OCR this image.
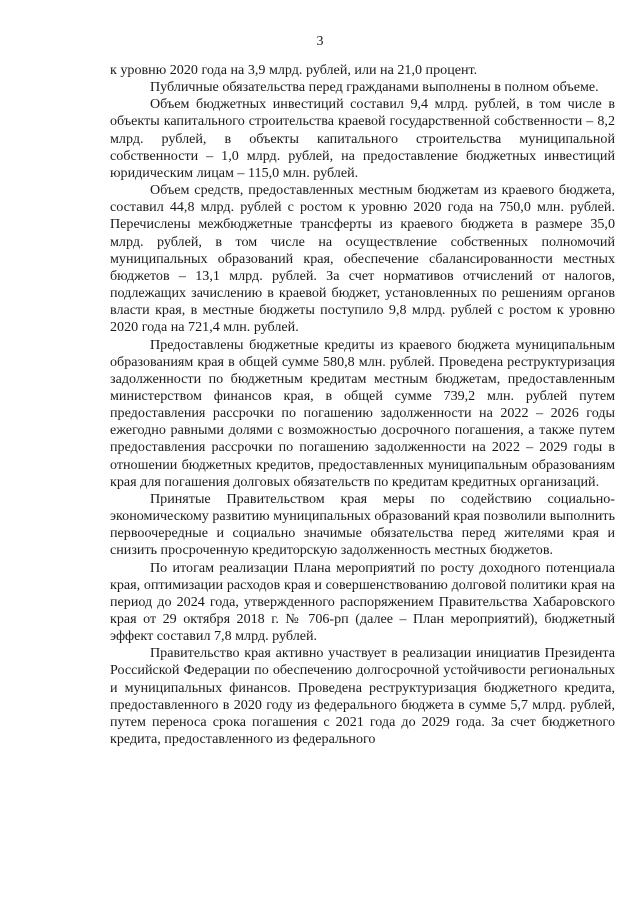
3

к уровню 2020 года на 3,9 млрд. рублей, или на 21,0 процент.

Публичные обязательства перед гражданами выполнены в полном объеме.

Объем бюджетных инвестиций составил 9,4 млрд. рублей, в том числе в объекты капитального строительства краевой государственной собственности – 8,2 млрд. рублей, в объекты капитального строительства муниципальной собственности – 1,0 млрд. рублей, на предоставление бюджетных инвестиций юридическим лицам – 115,0 млн. рублей.

Объем средств, предоставленных местным бюджетам из краевого бюджета, составил 44,8 млрд. рублей с ростом к уровню 2020 года на 750,0 млн. рублей. Перечислены межбюджетные трансферты из краевого бюджета в размере 35,0 млрд. рублей, в том числе на осуществление собственных полномочий муниципальных образований края, обеспечение сбалансированности местных бюджетов – 13,1 млрд. рублей. За счет нормативов отчислений от налогов, подлежащих зачислению в краевой бюджет, установленных по решениям органов власти края, в местные бюджеты поступило 9,8 млрд. рублей с ростом к уровню 2020 года на 721,4 млн. рублей.

Предоставлены бюджетные кредиты из краевого бюджета муниципальным образованиям края в общей сумме 580,8 млн. рублей. Проведена реструктуризация задолженности по бюджетным кредитам местным бюджетам, предоставленным министерством финансов края, в общей сумме 739,2 млн. рублей путем предоставления рассрочки по погашению задолженности на 2022 – 2026 годы ежегодно равными долями с возможностью досрочного погашения, а также путем предоставления рассрочки по погашению задолженности на 2022 – 2029 годы в отношении бюджетных кредитов, предоставленных муниципальным образованиям края для погашения долговых обязательств по кредитам кредитных организаций.

Принятые Правительством края меры по содействию социально-экономическому развитию муниципальных образований края позволили выполнить первоочередные и социально значимые обязательства перед жителями края и снизить просроченную кредиторскую задолженность местных бюджетов.

По итогам реализации Плана мероприятий по росту доходного потенциала края, оптимизации расходов края и совершенствованию долговой политики края на период до 2024 года, утвержденного распоряжением Правительства Хабаровского края от 29 октября 2018 г. № 706-рп (далее – План мероприятий), бюджетный эффект составил 7,8 млрд. рублей.

Правительство края активно участвует в реализации инициатив Президента Российской Федерации по обеспечению долгосрочной устойчивости региональных и муниципальных финансов. Проведена реструктуризация бюджетного кредита, предоставленного в 2020 году из федерального бюджета в сумме 5,7 млрд. рублей, путем переноса срока погашения с 2021 года до 2029 года. За счет бюджетного кредита, предоставленного из федерального
